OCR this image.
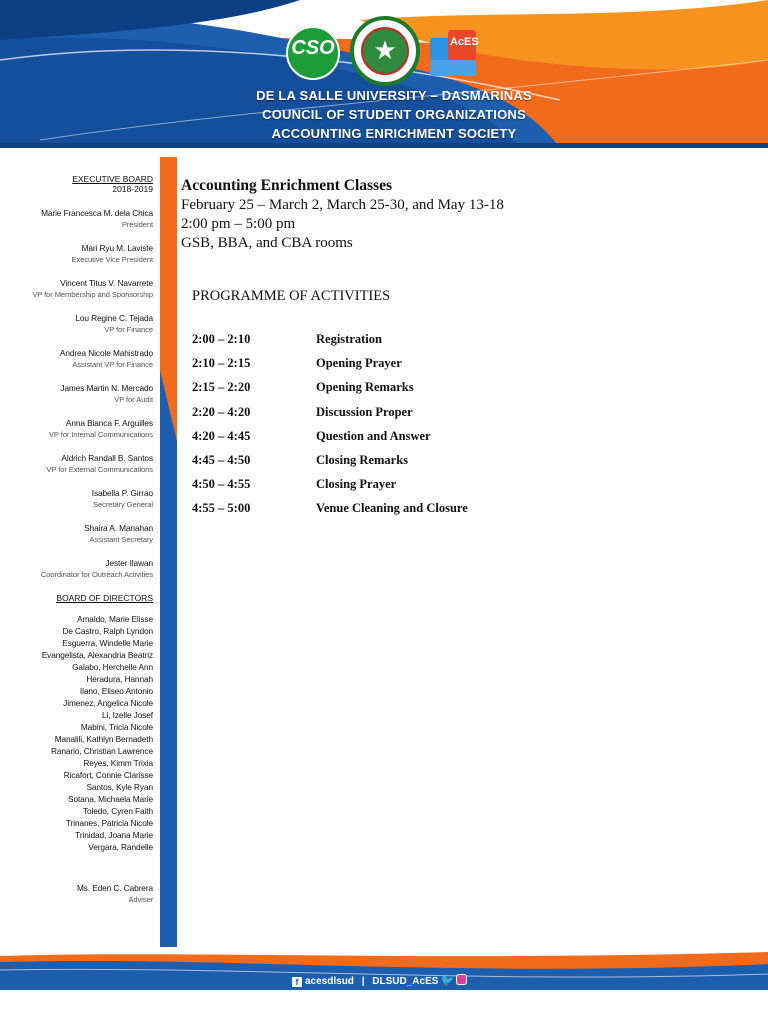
CSO	★	AcES
DE LA SALLE UNIVERSITY – DASMARIÑAS
COUNCIL OF STUDENT ORGANIZATIONS
ACCOUNTING ENRICHMENT SOCIETY
EXECUTIVE BOARD
2018-2019
Marie Francesca M. dela Chica
President
Mari Ryu M. Laviste
Executive Vice President
Vincent Titus V. Navarrete
VP for Membership and Sponsorship
Lou Regine C. Tejada
VP for Finance
Andrea Nicole Mahistrado
Assistant VP for Finance
James Martin N. Mercado
VP for Audit
Anna Bianca F. Arguilles
VP for Internal Communications
Aldrich Randall B. Santos
VP for External Communications
Isabella P. Girrao
Secretary General
Shaira A. Manahan
Assistant Secretary
Jester Ilawan
Coordinator for Outreach Activities
BOARD OF DIRECTORS
Amaldo, Marie Elisse
De Castro, Ralph Lyndon
Esguerra, Windelle Marie
Evangelista, Alexandria Beatriz
Galabo, Herchelle Ann
Heradura, Hannah
Ilano, Eliseo Antonio
Jimenez, Angelica Nicole
Li, Izelle Josef
Mabini, Tricia Nicole
Manalili, Kathlyn Bernadeth
Ranario, Christian Lawrence
Reyes, Kimm Trixia
Ricafort, Connie Clarisse
Santos, Kyle Ryan
Sotana, Michaela Marie
Toledo, Cyren Faith
Trinanes, Patricia Nicole
Trinidad, Joana Marie
Vergara, Randelle
Ms. Eden C. Cabrera
Adviser
Accounting Enrichment Classes
February 25 – March 2, March 25-30, and May 13-18
2:00 pm – 5:00 pm
GSB, BBA, and CBA rooms
PROGRAMME OF ACTIVITIES
2:00 – 2:10	Registration
2:10 – 2:15	Opening Prayer
2:15 – 2:20	Opening Remarks
2:20 – 4:20	Discussion Proper
4:20 – 4:45	Question and Answer
4:45 – 4:50	Closing Remarks
4:50 – 4:55	Closing Prayer
4:55 – 5:00	Venue Cleaning and Closure
f acesdlsud | DLSUD_AcES 🐦
